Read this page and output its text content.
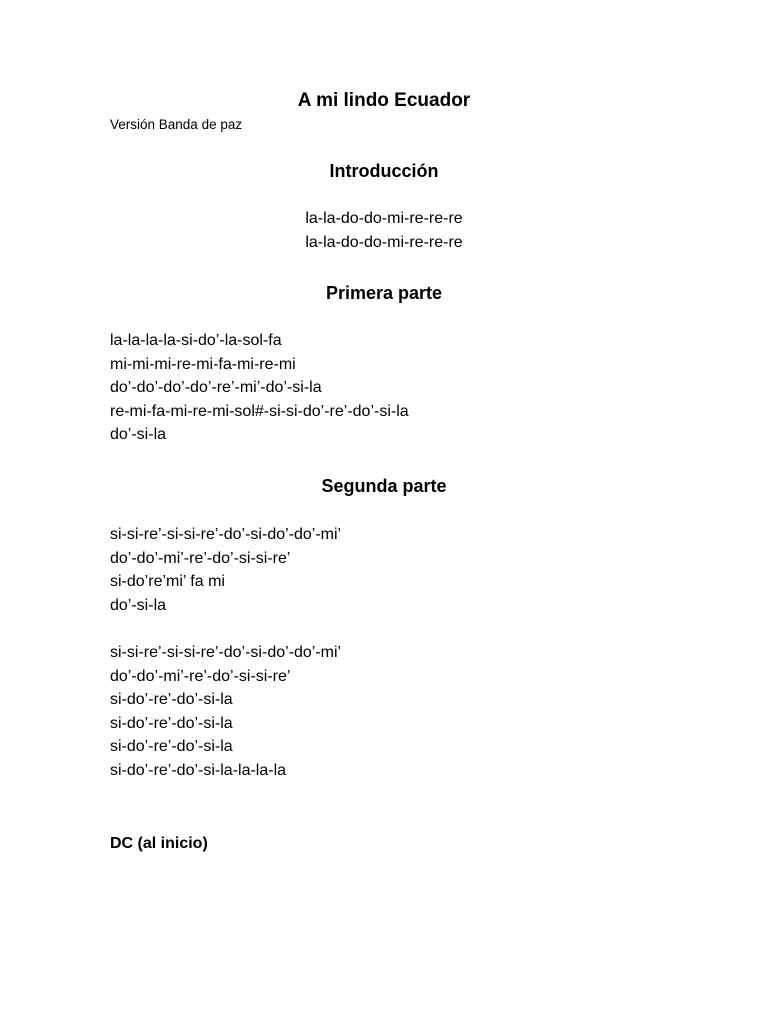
A mi lindo Ecuador
Versión Banda de paz
Introducción
la-la-do-do-mi-re-re-re
la-la-do-do-mi-re-re-re
Primera parte
la-la-la-la-si-do’-la-sol-fa
mi-mi-mi-re-mi-fa-mi-re-mi
do’-do’-do’-do’-re’-mi’-do’-si-la
re-mi-fa-mi-re-mi-sol#-si-si-do’-re’-do’-si-la
do’-si-la
Segunda parte
si-si-re’-si-si-re’-do’-si-do’-do’-mi’
do’-do’-mi’-re’-do’-si-si-re’
si-do’re’mi’ fa mi
do’-si-la
si-si-re’-si-si-re’-do’-si-do’-do’-mi’
do’-do’-mi’-re’-do’-si-si-re’
si-do’-re’-do’-si-la
si-do’-re’-do’-si-la
si-do’-re’-do’-si-la
si-do’-re’-do’-si-la-la-la-la
DC (al inicio)
